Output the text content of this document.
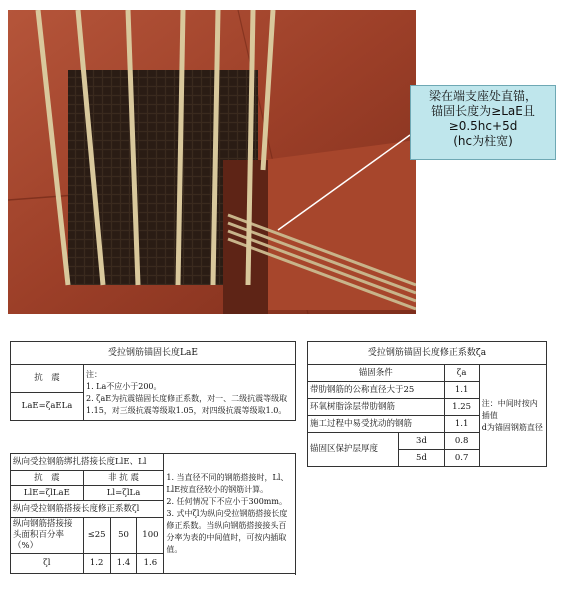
梁在端支座处直锚，
锚固长度为≥LaE且
≥0.5hc+5d
(hc为柱宽)
受拉钢筋锚固长度LaE
抗　震	注：
1. La不应小于200。
2. ζaE为抗震锚固长度修正系数，对一、二级抗震等级取1.15，对三级抗震等级取1.05，对四级抗震等级取1.0。

LaE=ζaELa
受拉钢筋锚固长度修正系数ζa			
锚固条件		ζa	注：中间时按内插值
d为锚固钢筋直径
带肋钢筋的公称直径大于25		1.1	
环氧树脂涂层带肋钢筋		1.25	
施工过程中易受扰动的钢筋		1.1	
锚固区保护层厚度	3d	0.8	
	5d	0.7	
纵向受拉钢筋绑扎搭接长度LlE、Ll				1. 当直径不同的钢筋搭接时，Ll、LlE按直径较小的钢筋计算。
2. 任何情况下不应小于300mm。
3. 式中ζl为纵向受拉钢筋搭接长度修正系数。当纵向钢筋搭接接头百分率为表的中间值时，可按内插取值。

抗　震	非 抗 震			
LlE=ζlLaE	Ll=ζlLa			
纵向受拉钢筋搭接长度修正系数ζl				
纵向钢筋搭接接头面积百分率（%）	≤25	50	100	
ζl	1.2	1.4	1.6	
